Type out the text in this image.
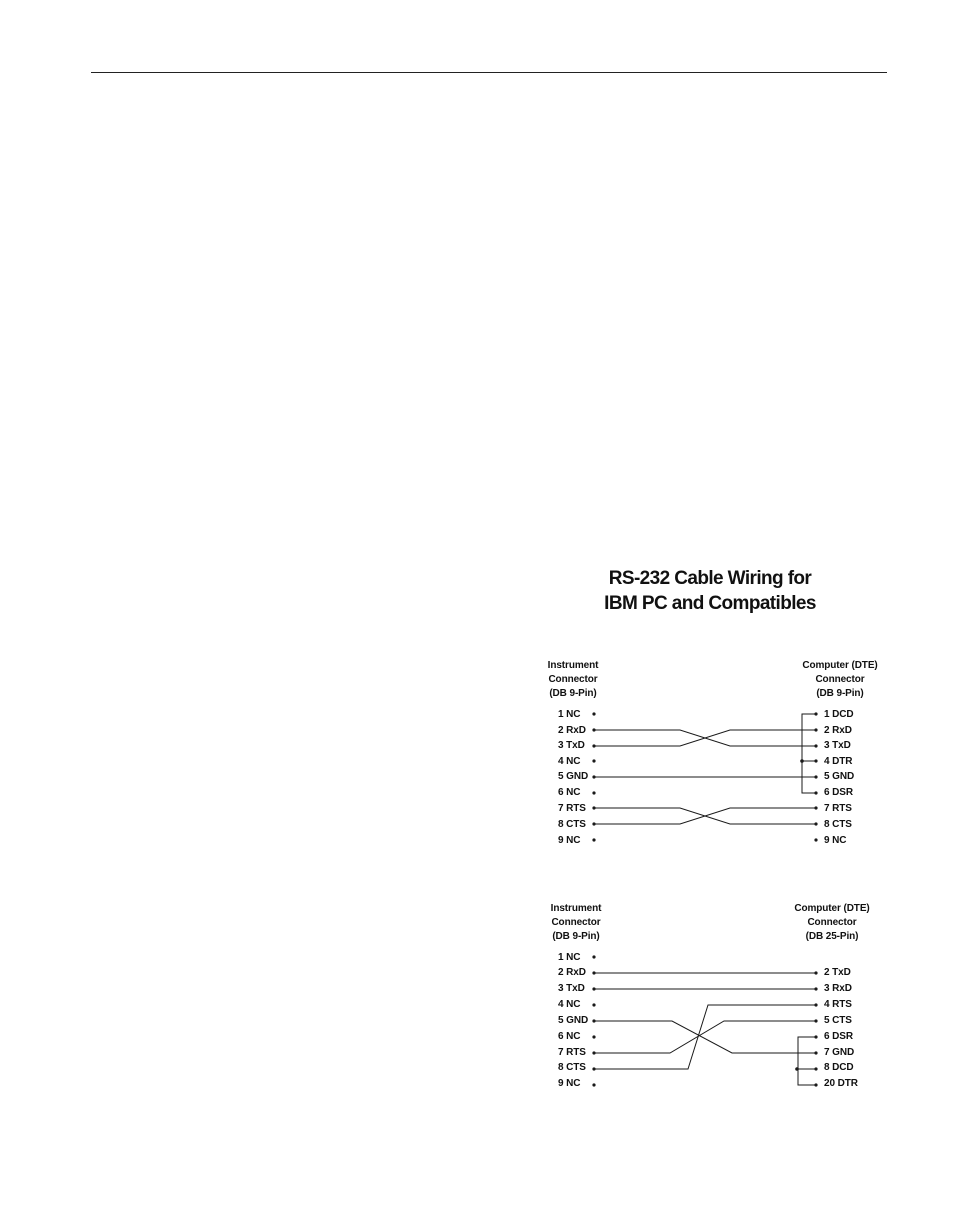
RS-232 Cable Wiring for
IBM PC and Compatibles
Instrument
Connector
(DB 9-Pin)
Computer (DTE)
Connector
(DB 9-Pin)
1 NC
2 RxD
3 TxD
4 NC
5 GND
6 NC
7 RTS
8 CTS
9 NC
1 DCD
2 RxD
3 TxD
4 DTR
5 GND
6 DSR
7 RTS
8 CTS
9 NC
Instrument
Connector
(DB 9-Pin)
Computer (DTE)
Connector
(DB 25-Pin)
1 NC
2 RxD
3 TxD
4 NC
5 GND
6 NC
7 RTS
8 CTS
9 NC
2 TxD
3 RxD
4 RTS
5 CTS
6 DSR
7 GND
8 DCD
20 DTR
